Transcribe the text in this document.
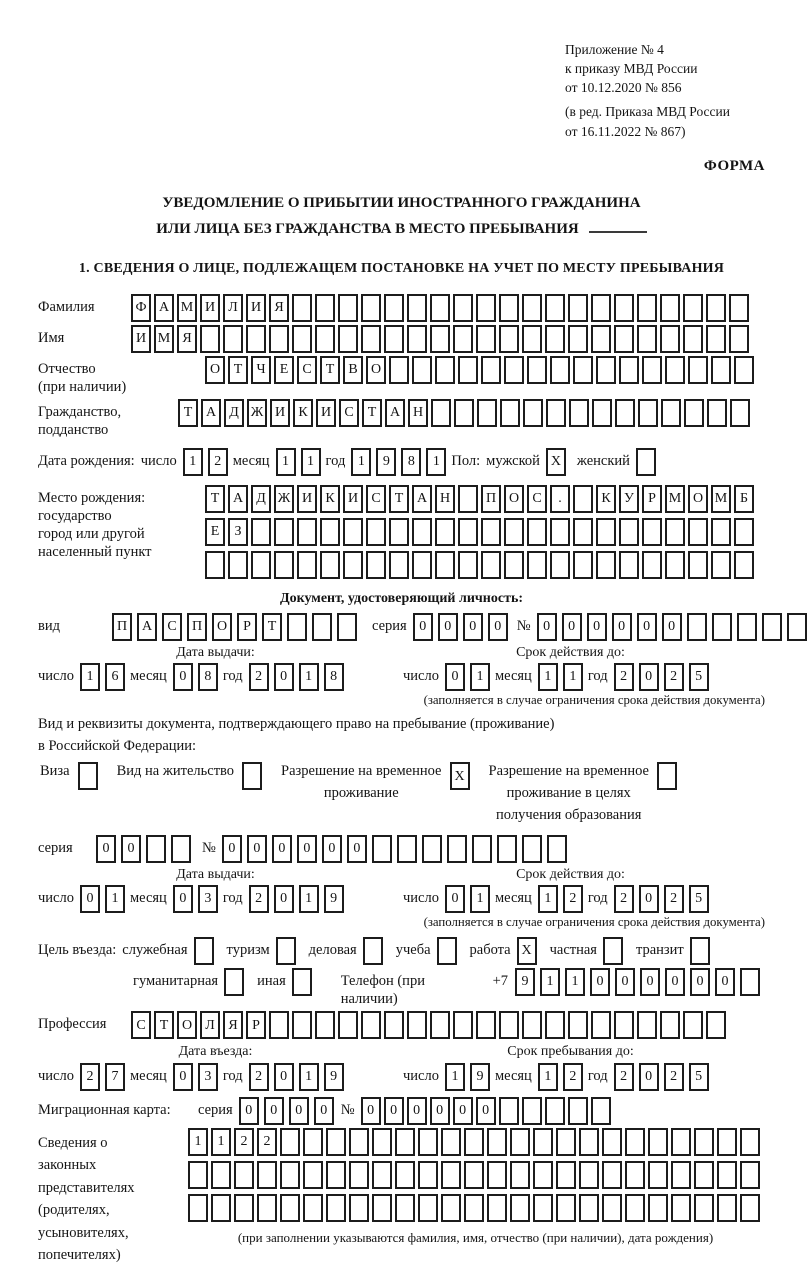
Приложение № 4
к приказу МВД России
от 10.12.2020 № 856
(в ред. Приказа МВД России
от 16.11.2022 № 867)
ФОРМА
УВЕДОМЛЕНИЕ О ПРИБЫТИИ ИНОСТРАННОГО ГРАЖДАНИНА
ИЛИ ЛИЦА БЕЗ ГРАЖДАНСТВА В МЕСТО ПРЕБЫВАНИЯ
1. СВЕДЕНИЯ О ЛИЦЕ, ПОДЛЕЖАЩЕМ ПОСТАНОВКЕ НА УЧЕТ ПО МЕСТУ ПРЕБЫВАНИЯ
Фамилия	Ф А М И Л И Я
Имя	И М Я
Отчество
(при наличии)
О Т	Ч	Е	С	Т	В О
Гражданство,
подданство
Т А Д Ж И К И С	Т А Н
Дата рождения: число 1	2 месяц 1	1 год 1	9	8	1 Пол: мужской X	женский
Место рождения:
государство
город или другой
населенный пункт
Т А Д Ж И К И С	Т А Н	П О С	.	К У	Р М О М Б
Е	З
Документ, удостоверяющий личность:
вид	П	А	С	П	О	Р	Т	серия 0	0	0	0	№ 0	0	0	0	0	0
Дата выдачи:
число 1	6 месяц 0	8 год 2	0	1	8
Срок действия до:
число 0	1 месяц 1	1 год 2	0	2	5
(заполняется в случае ограничения срока действия документа)
Вид и реквизиты документа, подтверждающего право на пребывание (проживание)
в Российской Федерации:
Виза	Вид на жительство	Разрешение на временное
проживание
X	Разрешение на временное
проживание в целях
получения образования
серия	0	0	№ 0	0	0	0	0	0
Дата выдачи:
число 0	1 месяц 0	3 год 2	0	1	9
Срок действия до:
число 0	1 месяц 1	2 год 2	0	2	5
(заполняется в случае ограничения срока действия документа)
Цель въезда: служебная	туризм	деловая	учеба	работа X	частная	транзит
гуманитарная	иная	Телефон (при наличии)
+7 9	1	1	0	0	0	0	0	0
Профессия	С	Т О Л Я	Р
Дата въезда:
число 2	7 месяц 0	3 год 2	0	1	9
Срок пребывания до:
число 1	9 месяц 1	2 год 2	0	2	5
Миграционная карта:	серия 0	0	0	0 № 0	0	0	0	0	0
Сведения о
законных
представителях
(родителях,
усыновителях,
попечителях)
1	1	2	2
(при заполнении указываются фамилия, имя, отчество (при наличии), дата рождения)
